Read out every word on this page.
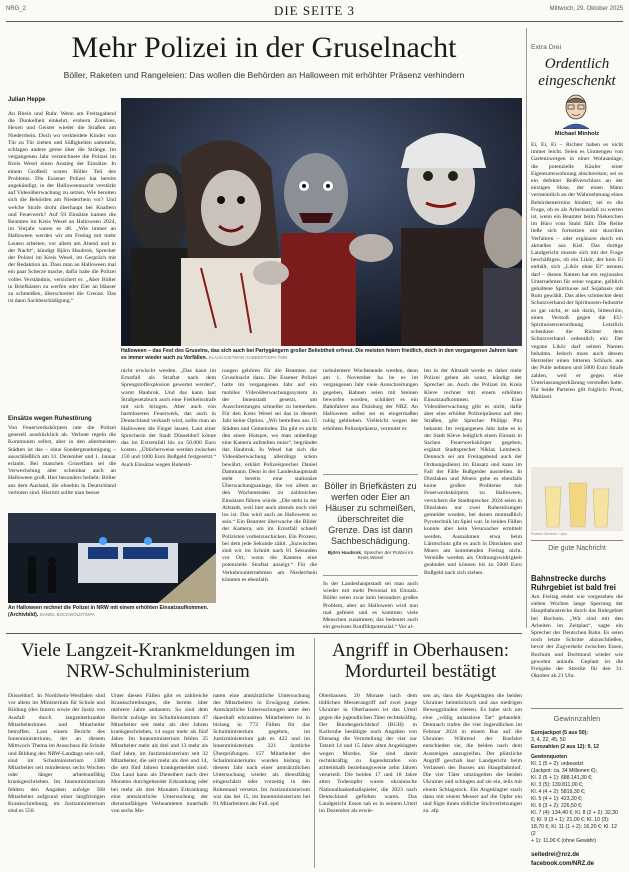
NRG_2	DIE SEITE 3	Mittwoch, 29. Oktober 2025
Mehr Polizei in der Gruselnacht
Böller, Raketen und Rangeleien: Das wollen die Behörden an Halloween mit erhöhter Präsenz verhindern
Julian Heppe
An Rhein und Ruhr. Wenn am Freitagabend die Dunkelheit einkehrt, erobern Zombies, Hexen und Geister wieder die Straßen am Niederrhein. Doch wo verkleidete Kinder von Tür zu Tür ziehen und Süßigkeiten sammeln, schlagen andere gerne über die Stränge. Im vergangenen Jahr verzeichnete die Polizei im Kreis Wesel einen Anstieg der Einsätze. In einem Großteil waren Böller Teil des Problems. Die Essener Polizei hat bereits angekündigt, in der Halloweennacht verstärkt auf Videoüberwachung zu setzen. Wie bereiten sich die Behörden am Niederrhein vor? Und welche Strafe droht überhaupt bei Knallern und Feuerwerk? Auf 59 Einsätze kamen die Beamten im Kreis Wesel an Halloween 2024, im Vorjahr waren es 48. „Wie immer an Halloween werden wir am Freitag mit mehr Leuten arbeiten, vor allem am Abend und in der Nacht“, kündigt Björn Haubrok, Sprecher der Polizei im Kreis Wesel, im Gespräch mit der Redaktion an. Dass man an Halloween mal ein paar Scherze mache, dafür habe die Polizei volles Verständnis, versichert er. „Aber Böller in Briefkästen zu werfen oder Eier an Häuser zu schmeißen, überschreitet die Grenze. Das ist dann Sachbeschädigung.“
Einsätze wegen Ruhestörung
Von Feuerwerkskörpern rate die Polizei generell ausdrücklich ab. Verbote regeln die Kommunen selbst, aber in den allermeisten Städten ist das – ohne Sondergenehmigung – ausschließlich am 31. Dezember und 1. Januar erlaubt. Bei manchen Gruselfans sei die Verwechslung aber scheinbar auch an Halloween groß. Hier besonders beliebt: Böller aus dem Ausland, die ohnehin in Deutschland verboten sind. Hiermit sollte man besser
Halloween – das Fest des Gruselns, das sich auch bei Partygängern großer Beliebtheit erfreut. Die meisten feiern friedlich, doch in den vergangenen Jahren kam es immer wieder auch zu Vorfällen. KLAUS-DIETMAR GABBERT/DPA-TMN
nicht erwischt werden. „Das kann im Ernstfall als Straftat nach dem Sprengstoffexplosion gewertet werden“, warnt Haubrok. Und das kann laut Strafgesetzbuch auch eine Freiheitsstrafe mit sich bringen. Aber auch von harmloseren Feuerwerk, das auch in Deutschland verkauft wird, sollte man an Halloween die Finger lassen. Laut einer Sprecherin der Stadt Düsseldorf könne das im Extremfall bis zu 50.000 Euro kosten. „Üblicherweise werden zwischen 150 und 1000 Euro Bußgeld festgesetzt.“ Auch Einsätze wegen Ruhestö-
rungen gehören für die Beamten zur Gruselnacht dazu. Die Essener Polizei hatte im vergangenen Jahr auf ein mobiles Videoüberwachungssystem in der Innenstadt gesetzt, um Ausschreitungen schneller zu bemerken. Für den Kreis Wesel sei das in diesem Jahr keine Option. „Wir betreiben aus 15 Städten und Gemeinden. Da gibt es nicht den einen Hotspot, wo man unbedingt eine Kamera aufstellen muss“, begründet das Haubrok. In Wesel hat sich die Videoüberwachung allerdings schon bewährt, erklärt Polizeisprecher Daniel Dammann. Denn in der Landeshauptstadt steht bereits eine stationäre Überwachungsanlage, die vor allem an den Wochenenden zu zahlreichen Einsätzen führen würde. „Die steht in der Altstadt, weil hier auch abends noch viel los ist. Das wird auch an Halloween so sein.“ Ein Beamter überwache die Bilder der Kamera, um im Ernstfall schnell Polizisten vorbeizuschicken. Ein Prozess, bei dem jede Sekunde zählt. „Inzwischen sind wir im Schnitt nach 81 Sekunden vor Ort, wenn die Kamera eine potenzielle Straftat anzeigt.“ Für die Verkehrsunternehmen am Niederrhein könnten es ebenfalls
turbulentere Wochenende werden, denn am 1. November ha be es im vergangenen Jahr viele Ausschreitungen gegeben, Bahnen seien mit Steinen beworfen worden, schildert es ein Bahnfahrer aus Duisburg der NRZ. An Halloween selbst sei es eingermaßen ruhig geblieben. Vielleicht wegen der erhöhten Polizeipräsenz, vermutet er.
Böller in Briefkästen zu werfen oder Eier an Häuser zu schmeißen, überschreitet die Grenze. Das ist dann Sachbeschädigung.
Björn Haubrok, Sprecher der Polizei im Kreis Wesel
In der Landeshauptstadt sei man auch wieder mit mehr Personal im Einsatz. Böller seien zwar kein besonders großes Problem, aber an Halloween wird nun mal gefeiert und es kommen viele Menschen zusammen, das bedeutet auch ein gewisses Konfliktpotenzial.“ Vor al-
len in der Altstadt werde es daher mehr Polizei geben als sonst, kündigt der Sprecher an. Auch die Polizei im Kreis Kleve rechnet mit einem erhöhten Einsatzaufkommen. Eine Videoüberwachung gibt es nicht, dafür aber eine erhöhte Polizeipräsenz auf den Straßen, gibt Sprecher Philipp Pitz bekannt. Im vergangenen Jahr habe es in der Stadt Kleve lediglich einen Einsatz in Sachen Feuerwerkskörper gegeben, ergänzt Stadtsprecher Niklas Lembeck. Dennoch sei am Freitagabend auch der Ordnungsdienst im Einsatz und kann im Fall der Fälle Bußgelder ausstellen. In Dinslaken und Moers gebe es ebenfalls keine großen Probleme mit Feuerwerkskörpern zu Halloween, versichern die Stadtsprecher. 2024 seien in Dinslaken nur zwei Ruhestörungen gemeldet worden, bei denen mutmaßlich Pyrotechnik im Spiel war. In beiden Fällen konnte aber kein Verursacher ermittelt werden. Ausnahmen etwa beim Lärmschutz gibt es auch in Dinslaken und Moers am kommenden Freitag nicht. Verstöße werden als Ordnungswidrigkeit geahndet und können bis zu 5000 Euro Bußgeld nach sich ziehen.
An Halloween rechnet die Polizei in NRW mit einem erhöhten Einsatzaufkommen. (Archivbild). DANIEL BOCKWOLDT/DPA
Extra Drei
Ordentlich eingeschenkt
Michael Minholz
Ei, Ei, Ei – Richter haben es nicht immer leicht. Seien es Unmengen von Gartenzwergen in einer Wohnanlage, die potenzielle Käufer einer Eigentumswohnung abschrecken; sei es ein defekter Reißverschluss an der einzigen Hose, der einen Mann vermeintlich an der Wahrnehmung eines Behördentermins hindert; sei es die Frage, ob es als Arbeitsunfall zu werten ist, wenn ein Beamter beim Niekerchen im Büro vom Stuhl fällt. Die Reihe ließe sich fortsetzen mit skurrilen Verfahren – oder ergänzen durch ein aktuelles aus Kiel. Das dortige Landgericht musste sich mit der Frage beschäftigen, ob ein Likör, der kein Ei enthält, sich „Likör ohne Ei“ nennen darf – diesen Namen hat ein regionales Unternehmen für seine vegane, gelblich gehaltene Spirituose auf Sojabasis mit Rum gewählt. Das alles schmeckte dem Schutzverband der Spirituosen-Industrie so gar nicht, er sah darin, bitteschön, einen Verstoß gegen die EU-Spirituosenverordnung. Letztlich schenkten die Richter dem Schutzverband ordentlich ein: Der vegane Likör darf seinen Namen behalten. Jedoch muss auch dessen Hersteller einen bitteren Schluck aus der Pulle nehmen und 5000 Euro Strafe zahlen, weil er gegen eine Unterlassungserklärung verstoßen hatte. Für beide Parteien gilt folglich: Prost, Mahlzeit.
Robert Günther / dpa
Die gute Nachricht
Bahnstrecke durchs Ruhrgebiet ist bald frei
Am Freitag endet wie vorgesehen die sieben Wochen lange Sperrung der Hauptbahnstrecke durch das Ruhrgebiet bei Bochum. „Wir sind mit den Arbeiten im Zeitplan“, sagte ein Sprecher der Deutschen Bahn. Es seien noch letzte Schritte abzuschließen, bevor der Zugverkehr zwischen Essen, Bochum und Dortmund wieder wie gewohnt anlaufe. Geplant ist die Freigabe der Strecke für den 31. Oktober ab 21 Uhr.
Gewinnzahlen
Eurojackpot (5 aus 50):
3, 4, 22, 45, 50
Eurozahlen (2 aus 12): 9, 12
Gewinnquoten
Kl. 1 (5 + 2): unbesetzt
(Jackpot: ca. 34 Millionen €);
Kl. 2 (5 + 1): 688.141,30 €;
Kl. 3 (5): 139.811,00 €;
Kl. 4 (4 + 2): 5819,30 €;
Kl. 5 (4 + 1): 423,30 €;
Kl. 6 (3 + 2): 226,50 €;
Kl. 7 (4): 134,40 €; Kl. 8 (2 + 2): 32,30 €; Kl. 9 (3 + 1): 21,00 €; Kl. 10 (3):
18,70 €; Kl. 11 (1 + 2): 16,20 €; Kl. 12 (2
+ 1): 11,00 € (ohne Gewähr)
seitedrei@nrz.de
facebook.com/NRZ.de
Viele Langzeit-Krankmeldungen im NRW-Schulministerium
Düsseldorf. In Nordrhein-Westfalen sind vor allem im Ministerium für Schule und Bildung (des Innern sowie der Justiz von Ausfall durch langzeiterkrankte Mitarbeiterinnen und Mitarbeiter betroffen. Laut einem Bericht des Innenministeriums, der an diesem Mittwoch Thema im Ausschuss für Schule und Bildung des NRW-Landtags sein soll, sind im Schulministerium 1388 Mitarbeiter seit mindestens sechs Wochen oder länger arbeitsunfähig krankgeschrieben. Im Innenministerium fehlten den Angaben zufolge 568 Mitarbeiter aufgrund einer langfristigen Krankschreibung, im Justizministerium sind es 550.
Unter diesen Fällen gibt es zahlreiche Krankschreibungen, die bereits über mehrere Jahre andauern. So sind dem Bericht zufolge im Schulministerium 47 Mitarbeiter seit mehr als drei Jahren krankgeschrieben, 14 sogar mehr als fünf Jahre. Im Innenministerium fehlen 35 Mitarbeiter mehr als drei und 13 mehr als fünf Jahre, im Justizministerium seit 32 Mitarbeiter, die seit mehr als drei und 14, die seit fünf Jahren krankgemeldet sind. Das Land kann als Dienstherr nach drei Monaten durchgehender Erkrankung oder bei mehr als drei Monaten Erkrankung eine amtsärztliche Untersuchung der dienstunfähigen Verbeamteten innerhalb von sechs Mo-
naten eine amtsärztliche Untersuchung des Mitarbeiters in Erwägung ziehen. Amtsärztliche Untersuchungen unter den dauerhaft erkrankten Mitarbeitern ist in bislang in 772 Fällen für das Schulministerium gegeben, im Justizministerium gab es 422 und im Innenministerium 221 ärztliche Überprüfungen. 157 Mitarbeiter des Schulministeriums wurden bislang in diesem Jahr nach einer amtsärztlichen Untersuchung wieder als dienstfähig eingeschätzt oder vorzeitig in den Ruhestand versetzt. Im Justizministerium war das bei 15, im Innenministerium bei 91 Mitarbeitern der Fall. epd
Angriff in Oberhausen: Mordurteil bestätigt
Oberhausen. 20 Monate nach dem tödlichen Messerangriff auf zwei junge Ukrainer in Oberhausen ist das Urteil gegen die jugendlichen Täter rechtskräftig. Der Bundesgerichtshof (BGH) in Karlsruhe bestätigte nach Angaben von Dienstag die Verurteilung der vier zur Tatzeit 14 und 15 Jahre alten Angeklagten wegen Mordes. Sie sind damit rechtskräftig zu Jugendstrafen von achteinhalb beziehungsweise zehn Jahren verurteilt. Die beiden 17 und 18 Jahre alten Todesopfer waren ukrainische Nationalbasketballspieler, die 2023 nach Deutschland geflohen waren. Das Landgericht Essen sah es in seinem Urteil im Dezember als erwie-
sen an, dass die Angeklagten die beiden Ukrainer heimtückisch und aus niedrigen Beweggründen töteten. Es habe sich um eine „völlig anlasslose Tat“ gehandelt. Demnach trafen die vier Jugendlichen im Februar 2024 in einem Bus auf die Ukrainer. Während der Busfahrt entschieden sie, die beiden nach dem Aussteigen anzugreifen. Der plötzliche Angriff geschah laut Landgericht beim Verlassen des Busses am Hauptbahnhof. Die vier Täter umzingelten die beiden Ukrainer und schlugen auf sie ein, teils mit einem Schlagstock. Ein Angeklagter stach dann mit einem Messer auf die Opfer ein und fügte ihnen tödliche Stichverletzungen zu. afp
